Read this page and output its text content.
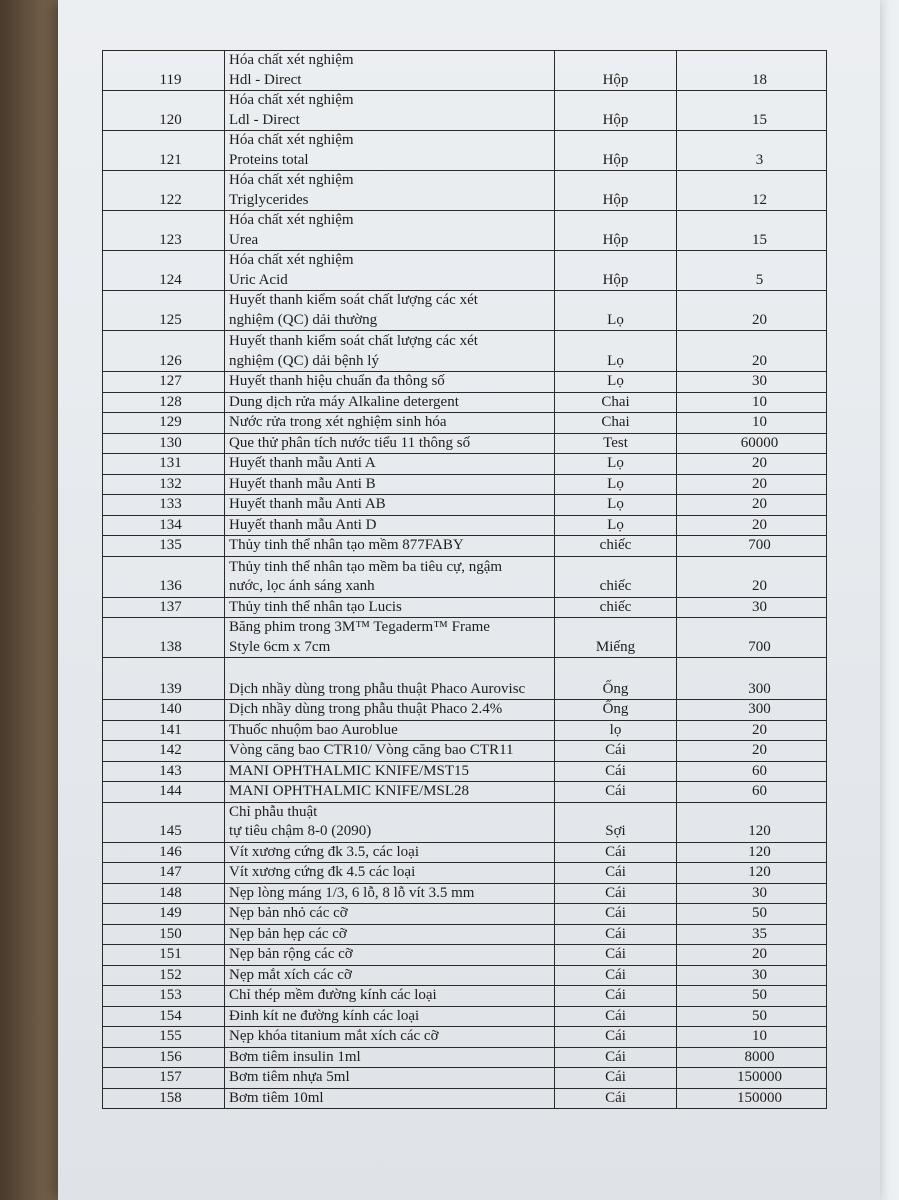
119	Hóa chất xét nghiệm
Hdl - Direct	Hộp	18
120	Hóa chất xét nghiệm
Ldl - Direct	Hộp	15
121	Hóa chất xét nghiệm
Proteins total	Hộp	3
122	Hóa chất xét nghiệm
Triglycerides	Hộp	12
123	Hóa chất xét nghiệm
Urea	Hộp	15
124	Hóa chất xét nghiệm
Uric Acid	Hộp	5
125	Huyết thanh kiểm soát chất lượng các xét
nghiệm (QC) dải thường	Lọ	20
126	Huyết thanh kiểm soát chất lượng các xét
nghiệm (QC) dải bệnh lý	Lọ	20
127	Huyết thanh hiệu chuẩn đa thông số	Lọ	30
128	Dung dịch rửa máy Alkaline detergent	Chai	10
129	Nước rửa trong xét nghiệm sinh hóa	Chai	10
130	Que thử phân tích nước tiểu 11 thông số	Test	60000
131	Huyết thanh mẫu Anti A	Lọ	20
132	Huyết thanh mẫu Anti B	Lọ	20
133	Huyết thanh mẫu Anti AB	Lọ	20
134	Huyết thanh mẫu Anti D	Lọ	20
135	Thủy tinh thể nhân tạo mềm 877FABY	chiếc	700
136	Thủy tinh thể nhân tạo mềm ba tiêu cự, ngậm
nước, lọc ánh sáng xanh	chiếc	20
137	Thủy tinh thể nhân tạo Lucis	chiếc	30
138	Băng phim trong 3M™ Tegaderm™ Frame
Style 6cm x 7cm	Miếng	700
139	Dịch nhầy dùng trong phẫu thuật Phaco Aurovisc	Ống	300
140	Dịch nhầy dùng trong phẫu thuật Phaco 2.4%	Ống	300
141	Thuốc nhuộm bao Auroblue	lọ	20
142	Vòng căng bao CTR10/ Vòng căng bao CTR11	Cái	20
143	MANI OPHTHALMIC KNIFE/MST15	Cái	60
144	MANI OPHTHALMIC KNIFE/MSL28	Cái	60
145	Chỉ phẫu thuật
tự tiêu chậm 8-0 (2090)	Sợi	120
146	Vít xương cứng đk 3.5, các loại	Cái	120
147	Vít xương cứng đk 4.5 các loại	Cái	120
148	Nẹp lòng máng 1/3, 6 lỗ, 8 lỗ vít 3.5 mm	Cái	30
149	Nẹp bản nhỏ các cỡ	Cái	50
150	Nẹp bản hẹp các cỡ	Cái	35
151	Nẹp bản rộng các cỡ	Cái	20
152	Nẹp mắt xích các cỡ	Cái	30
153	Chỉ thép mềm đường kính các loại	Cái	50
154	Đinh kít ne đường kính các loại	Cái	50
155	Nẹp khóa titanium mắt xích các cỡ	Cái	10
156	Bơm tiêm insulin 1ml	Cái	8000
157	Bơm tiêm nhựa 5ml	Cái	150000
158	Bơm tiêm 10ml	Cái	150000
